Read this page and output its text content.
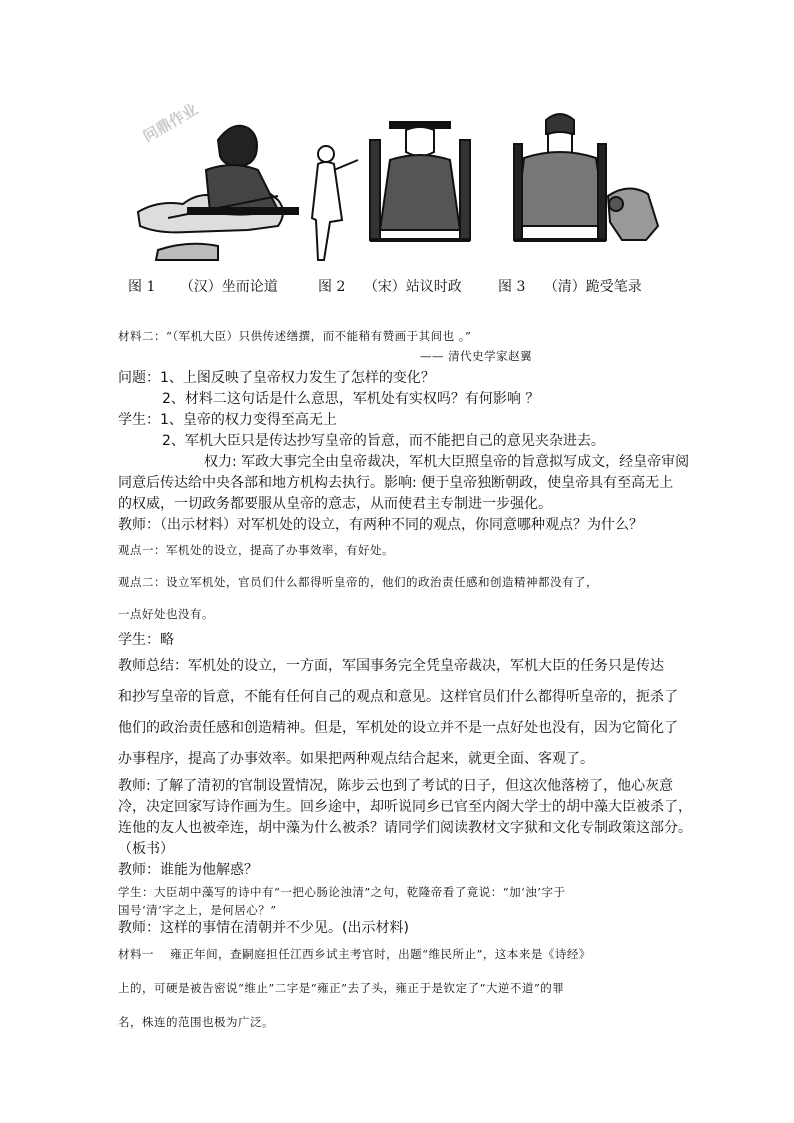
问鼎作业
图 1 （汉）坐而论道	图 2 （宋）站议时政	图 3 （清）跪受笔录
材料二：“（军机大臣）只供传述缮撰，而不能稍有赞画于其间也 。”
—— 清代史学家赵翼
问题：1、上图反映了皇帝权力发生了怎样的变化？
2、材料二这句话是什么意思，军机处有实权吗？有何影响 ？
学生：1、皇帝的权力变得至高无上
2、军机大臣只是传达抄写皇帝的旨意，而不能把自己的意见夹杂进去。
权力: 军政大事完全由皇帝裁决，军机大臣照皇帝的旨意拟写成文，经皇帝审阅
同意后传达给中央各部和地方机构去执行。影响: 便于皇帝独断朝政，使皇帝具有至高无上
的权威，一切政务都要服从皇帝的意志，从而使君主专制进一步强化。
教师：（出示材料）对军机处的设立，有两种不同的观点，你同意哪种观点？为什么？
观点一：军机处的设立，提高了办事效率，有好处。
观点二：设立军机处，官员们什么都得听皇帝的，他们的政治责任感和创造精神都没有了，
一点好处也没有。
学生：略
教师总结：军机处的设立，一方面，军国事务完全凭皇帝裁决，军机大臣的任务只是传达
和抄写皇帝的旨意，不能有任何自己的观点和意见。这样官员们什么都得听皇帝的，扼杀了
他们的政治责任感和创造精神。但是，军机处的设立并不是一点好处也没有，因为它简化了
办事程序，提高了办事效率。如果把两种观点结合起来，就更全面、客观了。
教师: 了解了清初的官制设置情况，陈步云也到了考试的日子，但这次他落榜了，他心灰意
冷，决定回家写诗作画为生。回乡途中，却听说同乡已官至内阁大学士的胡中藻大臣被杀了，
连他的友人也被牵连，胡中藻为什么被杀？请同学们阅读教材文字狱和文化专制政策这部分。
（板书）
教师：谁能为他解惑？
学生：大臣胡中藻写的诗中有“一把心肠论浊清”之句，乾隆帝看了竟说：“加‘浊’字于
国号‘清’字之上，是何居心？”
教师：这样的事情在清朝并不少见。(出示材料)
材料一　 雍正年间，查嗣庭担任江西乡试主考官时，出题“维民所止”，这本来是《诗经》
上的，可硬是被告密说“维止”二字是“雍正”去了头，雍正于是钦定了“大逆不道”的罪
名，株连的范围也极为广泛。
